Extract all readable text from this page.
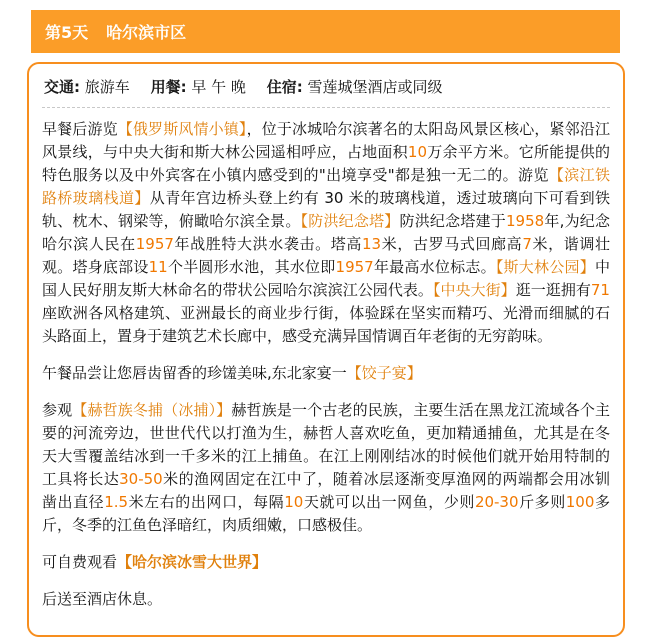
第5天 哈尔滨市区
交通: 旅游车 用餐: 早 午 晚 住宿: 雪莲城堡酒店或同级

早餐后游览【俄罗斯风情小镇】，位于冰城哈尔滨著名的太阳岛风景区核心，紧邻沿江风景线，与中央大街和斯大林公园遥相呼应，占地面积10万余平方米。它所能提供的特色服务以及中外宾客在小镇内感受到的"出境享受"都是独一无二的。游览【滨江铁路桥玻璃栈道】从青年宫边桥头登上约有 30 米的玻璃栈道，透过玻璃向下可看到铁轨、枕木、钢梁等，俯瞰哈尔滨全景。【防洪纪念塔】防洪纪念塔建于1958年,为纪念哈尔滨人民在1957年战胜特大洪水袭击。塔高13米，古罗马式回廊高7米，谐调壮观。塔身底部设11个半圆形水池，其水位即1957年最高水位标志。【斯大林公园】中国人民好朋友斯大林命名的带状公园哈尔滨滨江公园代表。【中央大街】逛一逛拥有71座欧洲各风格建筑、亚洲最长的商业步行街，体验踩在坚实而精巧、光滑而细腻的石头路面上，置身于建筑艺术长廊中，感受充满异国情调百年老街的无穷韵味。

午餐品尝让您唇齿留香的珍馐美味,东北家宴一【饺子宴】

参观【赫哲族冬捕（冰捕）】赫哲族是一个古老的民族，主要生活在黑龙江流域各个主要的河流旁边，世世代代以打渔为生，赫哲人喜欢吃鱼，更加精通捕鱼，尤其是在冬天大雪覆盖结冰到一千多米的江上捕鱼。在江上刚刚结冰的时候他们就开始用特制的工具将长达30-50米的渔网固定在江中了，随着冰层逐渐变厚渔网的两端都会用冰钏凿出直径1.5米左右的出网口，每隔10天就可以出一网鱼，少则20-30斤多则100多斤，冬季的江鱼色泽暗红，肉质细嫩，口感极佳。

可自费观看【哈尔滨冰雪大世界】

后送至酒店休息。
